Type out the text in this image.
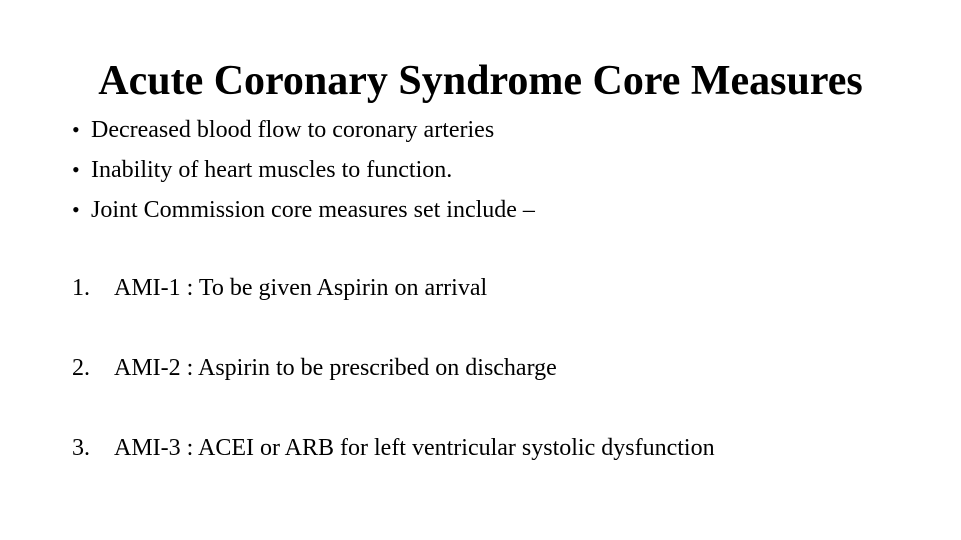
Acute Coronary Syndrome Core Measures
• Decreased blood flow to coronary arteries
• Inability of heart muscles to function.
• Joint Commission core measures set include –
1. AMI-1 : To be given Aspirin on arrival
2. AMI-2 : Aspirin to be prescribed on discharge
3. AMI-3 : ACEI or ARB for left ventricular systolic dysfunction
